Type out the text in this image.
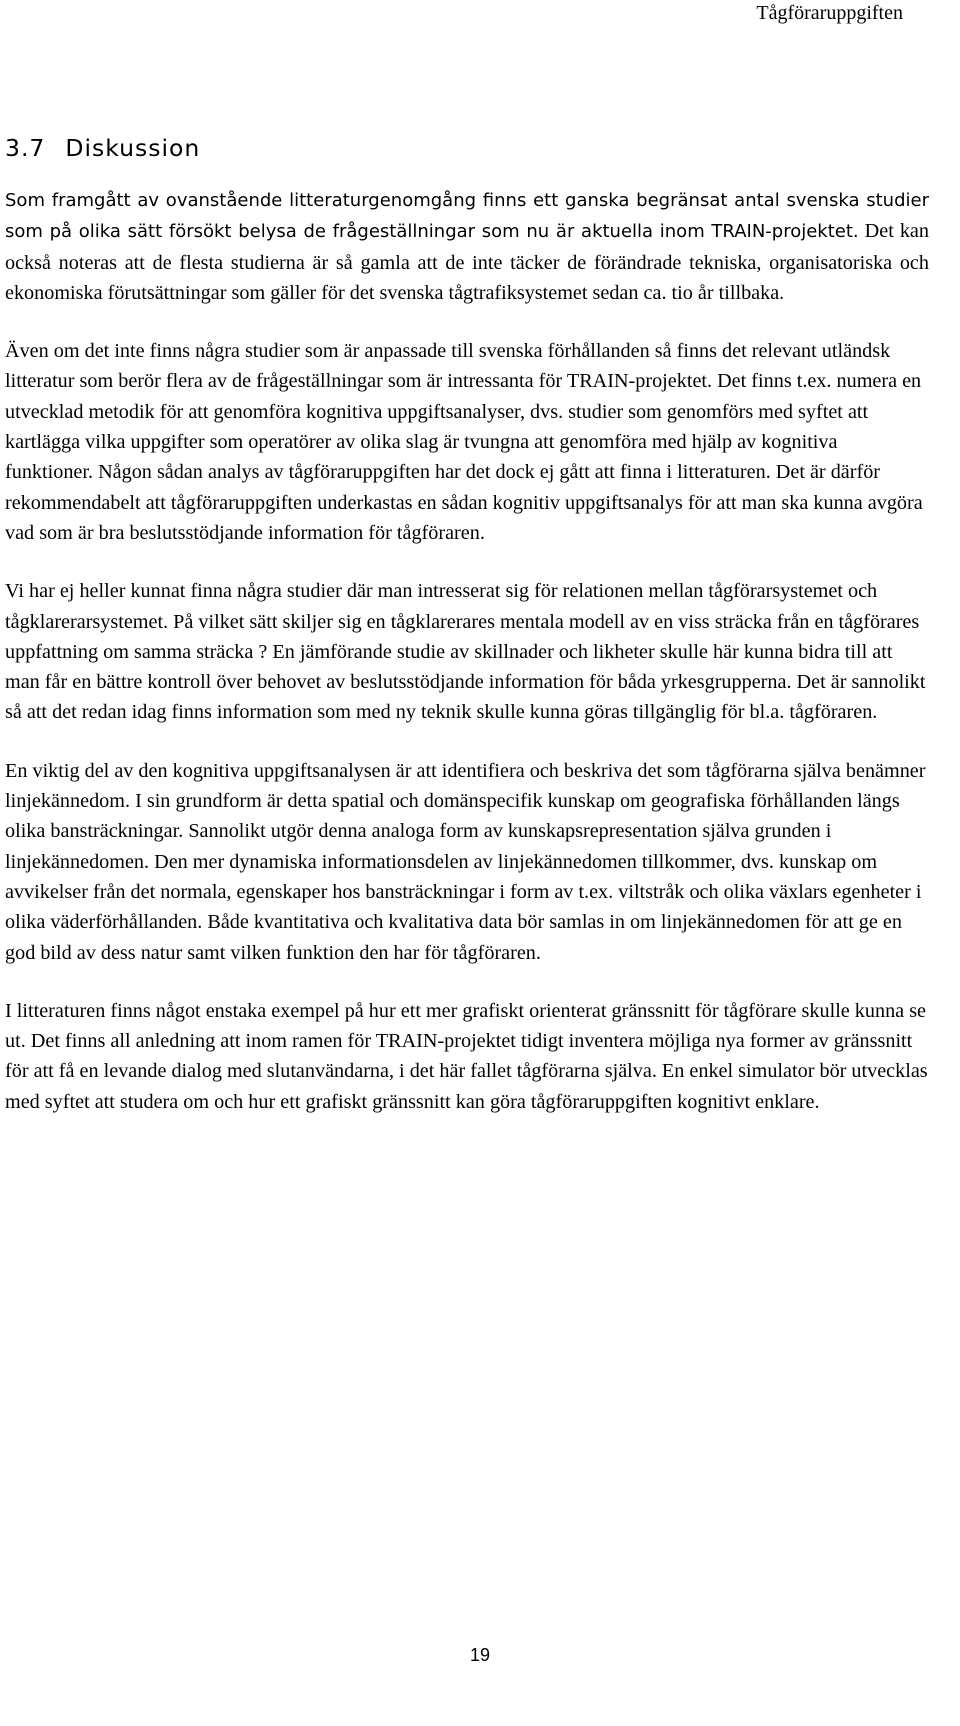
Tågföraruppgiften
3.7 Diskussion

Som framgått av ovanstående litteraturgenomgång finns ett ganska begränsat antal svenska studier som på olika sätt försökt belysa de frågeställningar som nu är aktuella inom TRAIN-projektet. Det kan också noteras att de flesta studierna är så gamla att de inte täcker de förändrade tekniska, organisatoriska och ekonomiska förutsättningar som gäller för det svenska tågtrafiksystemet sedan ca. tio år tillbaka.

Även om det inte finns några studier som är anpassade till svenska förhållanden så finns det relevant utländsk litteratur som berör flera av de frågeställningar som är intressanta för TRAIN-projektet. Det finns t.ex. numera en utvecklad metodik för att genomföra kognitiva uppgiftsanalyser, dvs. studier som genomförs med syftet att kartlägga vilka uppgifter som operatörer av olika slag är tvungna att genomföra med hjälp av kognitiva funktioner. Någon sådan analys av tågföraruppgiften har det dock ej gått att finna i litteraturen. Det är därför rekommendabelt att tågföraruppgiften underkastas en sådan kognitiv uppgiftsanalys för att man ska kunna avgöra vad som är bra beslutsstödjande information för tågföraren.

Vi har ej heller kunnat finna några studier där man intresserat sig för relationen mellan tågförarsystemet och tågklarerarsystemet. På vilket sätt skiljer sig en tågklarerares mentala modell av en viss sträcka från en tågförares uppfattning om samma sträcka ? En jämförande studie av skillnader och likheter skulle här kunna bidra till att man får en bättre kontroll över behovet av beslutsstödjande information för båda yrkesgrupperna. Det är sannolikt så att det redan idag finns information som med ny teknik skulle kunna göras tillgänglig för bl.a. tågföraren.

En viktig del av den kognitiva uppgiftsanalysen är att identifiera och beskriva det som tågförarna själva benämner linjekännedom. I sin grundform är detta spatial och domänspecifik kunskap om geografiska förhållanden längs olika bansträckningar. Sannolikt utgör denna analoga form av kunskapsrepresentation själva grunden i linjekännedomen. Den mer dynamiska informationsdelen av linjekännedomen tillkommer, dvs. kunskap om avvikelser från det normala, egenskaper hos bansträckningar i form av t.ex. viltstråk och olika växlars egenheter i olika väderförhållanden. Både kvantitativa och kvalitativa data bör samlas in om linjekännedomen för att ge en god bild av dess natur samt vilken funktion den har för tågföraren.

I litteraturen finns något enstaka exempel på hur ett mer grafiskt orienterat gränssnitt för tågförare skulle kunna se ut. Det finns all anledning att inom ramen för TRAIN-projektet tidigt inventera möjliga nya former av gränssnitt för att få en levande dialog med slutanvändarna, i det här fallet tågförarna själva. En enkel simulator bör utvecklas med syftet att studera om och hur ett grafiskt gränssnitt kan göra tågföraruppgiften kognitivt enklare.

19
